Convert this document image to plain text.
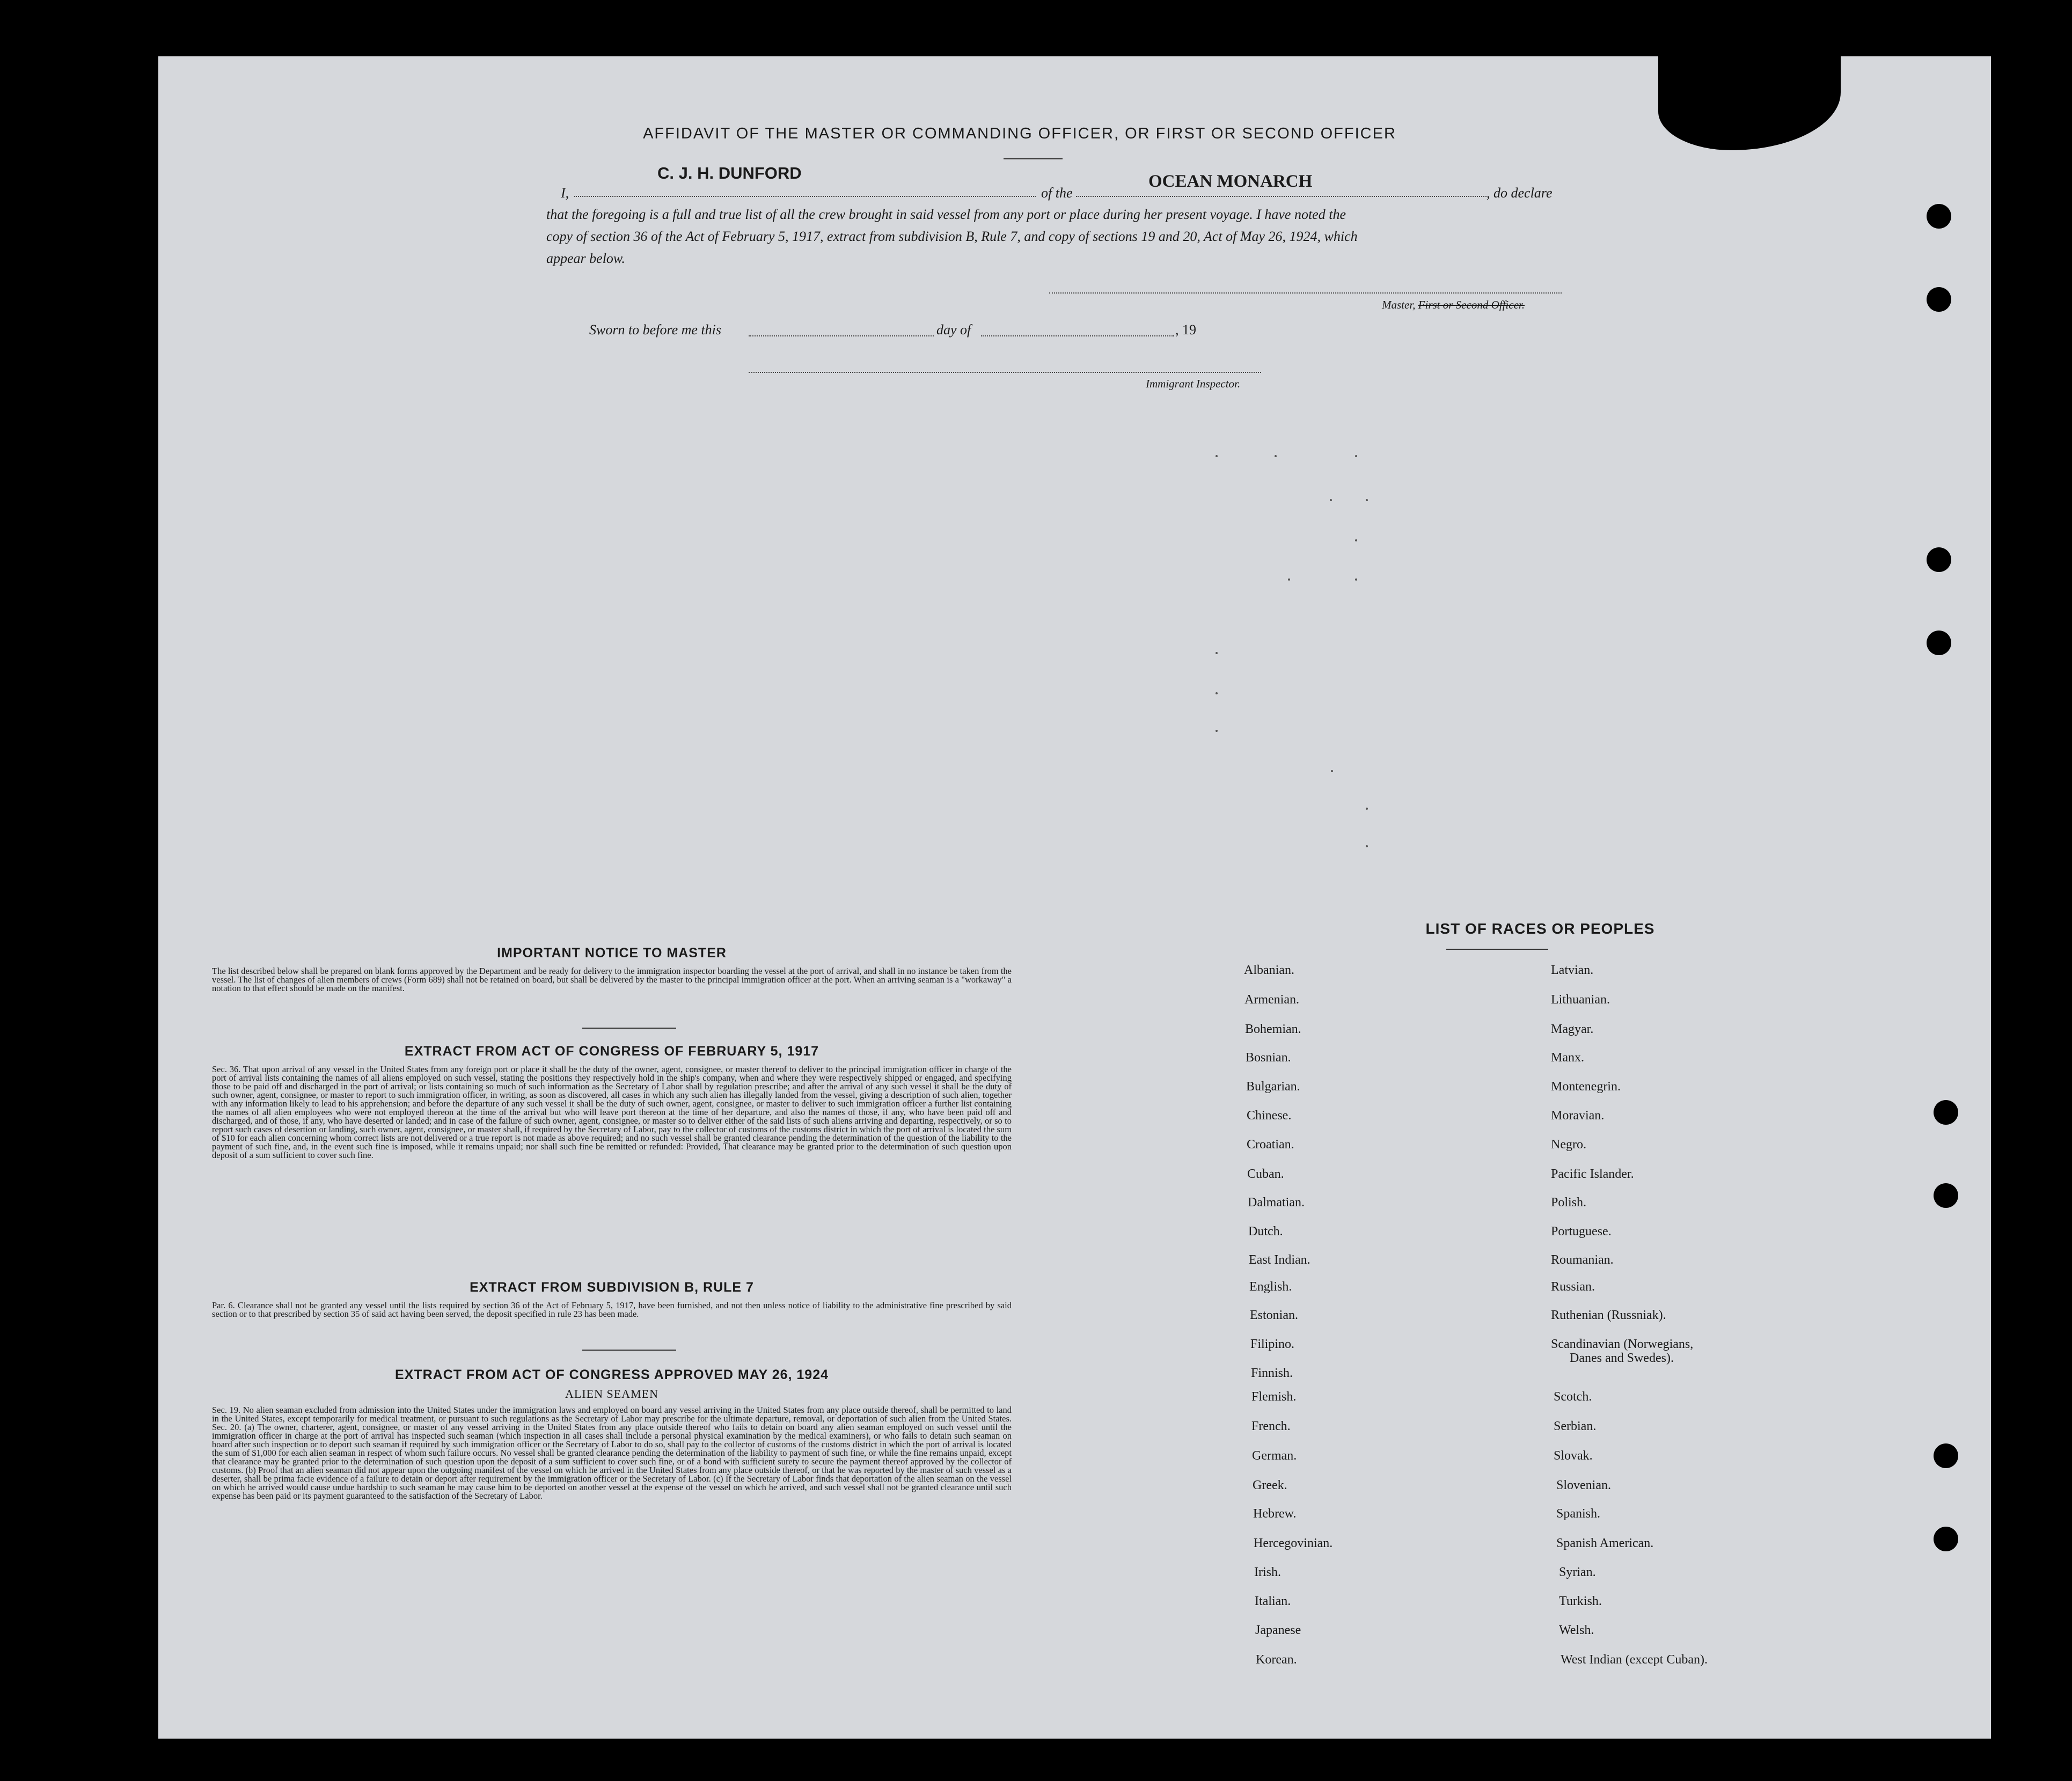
AFFIDAVIT OF THE MASTER OR COMMANDING OFFICER, OR FIRST OR SECOND OFFICER
I,
C. J. H. DUNFORD
of the
OCEAN MONARCH
, do declare
that the foregoing is a full and true list of all the crew brought in said vessel from any port or place during her present voyage. I have noted the
copy of section 36 of the Act of February 5, 1917, extract from subdivision B, Rule 7, and copy of sections 19 and 20, Act of May 26, 1924, which
appear below.
Master, First or Second Officer.
Sworn to before me this	day of	, 19
Immigrant Inspector.
IMPORTANT NOTICE TO MASTER
The list described below shall be prepared on blank forms approved by the Department and be ready for delivery to the immigration inspector boarding the vessel at the port of arrival, and shall in no instance be taken from the vessel. The list of changes of alien members of crews (Form 689) shall not be retained on board, but shall be delivered by the master to the principal immigration officer at the port. When an arriving seaman is a "workaway" a notation to that effect should be made on the manifest.
EXTRACT FROM ACT OF CONGRESS OF FEBRUARY 5, 1917
Sec. 36. That upon arrival of any vessel in the United States from any foreign port or place it shall be the duty of the owner, agent, consignee, or master thereof to deliver to the principal immigration officer in charge of the port of arrival lists containing the names of all aliens employed on such vessel, stating the positions they respectively hold in the ship's company, when and where they were respectively shipped or engaged, and specifying those to be paid off and discharged in the port of arrival; or lists containing so much of such information as the Secretary of Labor shall by regulation prescribe; and after the arrival of any such vessel it shall be the duty of such owner, agent, consignee, or master to report to such immigration officer, in writing, as soon as discovered, all cases in which any such alien has illegally landed from the vessel, giving a description of such alien, together with any information likely to lead to his apprehension; and before the departure of any such vessel it shall be the duty of such owner, agent, consignee, or master to deliver to such immigration officer a further list containing the names of all alien employees who were not employed thereon at the time of the arrival but who will leave port thereon at the time of her departure, and also the names of those, if any, who have been paid off and discharged, and of those, if any, who have deserted or landed; and in case of the failure of such owner, agent, consignee, or master so to deliver either of the said lists of such aliens arriving and departing, respectively, or so to report such cases of desertion or landing, such owner, agent, consignee, or master shall, if required by the Secretary of Labor, pay to the collector of customs of the customs district in which the port of arrival is located the sum of $10 for each alien concerning whom correct lists are not delivered or a true report is not made as above required; and no such vessel shall be granted clearance pending the determination of the question of the liability to the payment of such fine, and, in the event such fine is imposed, while it remains unpaid; nor shall such fine be remitted or refunded: Provided, That clearance may be granted prior to the determination of such question upon deposit of a sum sufficient to cover such fine.
EXTRACT FROM SUBDIVISION B, RULE 7
Par. 6. Clearance shall not be granted any vessel until the lists required by section 36 of the Act of February 5, 1917, have been furnished, and not then unless notice of liability to the administrative fine prescribed by said section or to that prescribed by section 35 of said act having been served, the deposit specified in rule 23 has been made.
EXTRACT FROM ACT OF CONGRESS APPROVED MAY 26, 1924
ALIEN SEAMEN
Sec. 19. No alien seaman excluded from admission into the United States under the immigration laws and employed on board any vessel arriving in the United States from any place outside thereof, shall be permitted to land in the United States, except temporarily for medical treatment, or pursuant to such regulations as the Secretary of Labor may prescribe for the ultimate departure, removal, or deportation of such alien from the United States. Sec. 20. (a) The owner, charterer, agent, consignee, or master of any vessel arriving in the United States from any place outside thereof who fails to detain on board any alien seaman employed on such vessel until the immigration officer in charge at the port of arrival has inspected such seaman (which inspection in all cases shall include a personal physical examination by the medical examiners), or who fails to detain such seaman on board after such inspection or to deport such seaman if required by such immigration officer or the Secretary of Labor to do so, shall pay to the collector of customs of the customs district in which the port of arrival is located the sum of $1,000 for each alien seaman in respect of whom such failure occurs. No vessel shall be granted clearance pending the determination of the liability to payment of such fine, or while the fine remains unpaid, except that clearance may be granted prior to the determination of such question upon the deposit of a sum sufficient to cover such fine, or of a bond with sufficient surety to secure the payment thereof approved by the collector of customs. (b) Proof that an alien seaman did not appear upon the outgoing manifest of the vessel on which he arrived in the United States from any place outside thereof, or that he was reported by the master of such vessel as a deserter, shall be prima facie evidence of a failure to detain or deport after requirement by the immigration officer or the Secretary of Labor. (c) If the Secretary of Labor finds that deportation of the alien seaman on the vessel on which he arrived would cause undue hardship to such seaman he may cause him to be deported on another vessel at the expense of the vessel on which he arrived, and such vessel shall not be granted clearance until such expense has been paid or its payment guaranteed to the satisfaction of the Secretary of Labor.
LIST OF RACES OR PEOPLES
Albanian.
Armenian.
Bohemian.
Bosnian.
Bulgarian.
Chinese.
Croatian.
Cuban.
Dalmatian.
Dutch.
East Indian.
English.
Estonian.
Filipino.
Finnish.
Flemish.
French.
German.
Greek.
Hebrew.
Hercegovinian.
Irish.
Italian.
Japanese
Korean.
Latvian.
Lithuanian.
Magyar.
Manx.
Montenegrin.
Moravian.
Negro.
Pacific Islander.
Polish.
Portuguese.
Roumanian.
Russian.
Ruthenian (Russniak).
Scandinavian (Norwegians,
Danes and Swedes).
Scotch.
Serbian.
Slovak.
Slovenian.
Spanish.
Spanish American.
Syrian.
Turkish.
Welsh.
West Indian (except Cuban).
